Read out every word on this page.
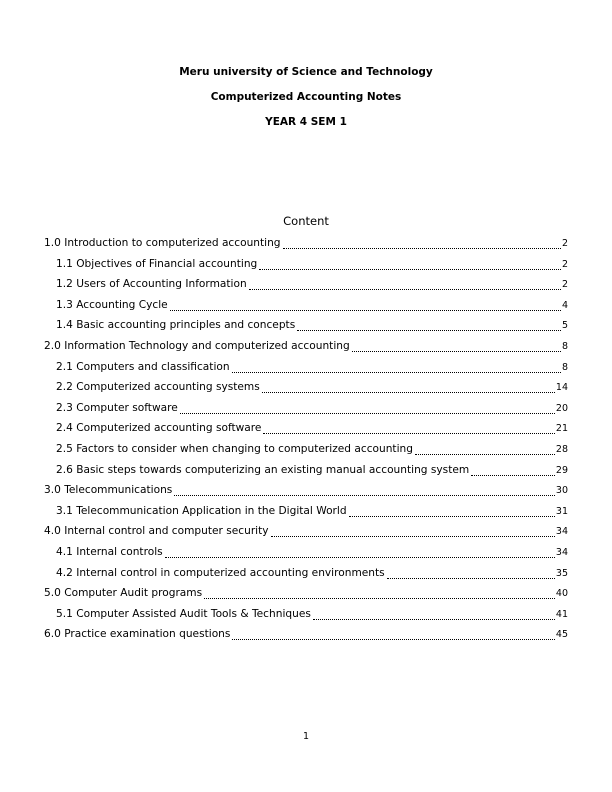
Meru university of Science and Technology
Computerized Accounting Notes
YEAR 4 SEM 1
Content
1.0 Introduction to computerized accounting	2
1.1 Objectives of Financial accounting	2
1.2 Users of Accounting Information	2
1.3 Accounting Cycle	4
1.4 Basic accounting principles and concepts	5
2.0 Information Technology and computerized accounting	8
2.1 Computers and classification	8
2.2 Computerized accounting systems	14
2.3 Computer software	20
2.4 Computerized accounting software	21
2.5 Factors to consider when changing to computerized accounting	28
2.6 Basic steps towards computerizing an existing manual accounting system	29
3.0 Telecommunications	30
3.1 Telecommunication Application in the Digital World	31
4.0 Internal control and computer security	34
4.1 Internal controls	34
4.2 Internal control in computerized accounting environments	35
5.0 Computer Audit programs	40
5.1 Computer Assisted Audit Tools & Techniques	41
6.0 Practice examination questions	45
1
